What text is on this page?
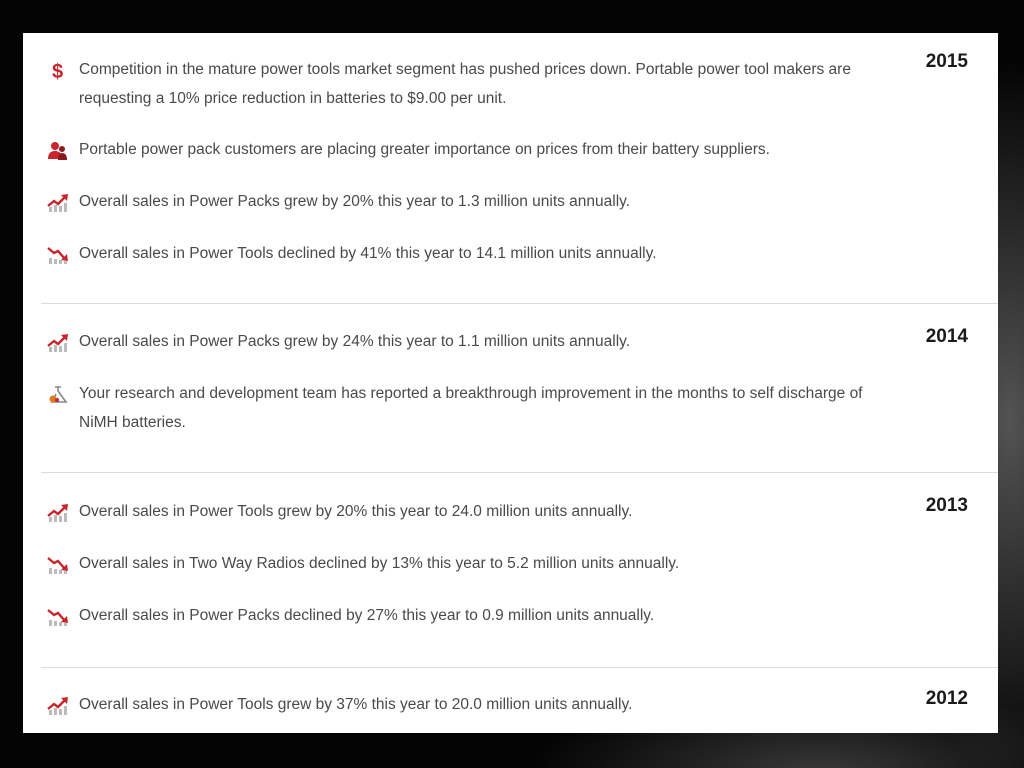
2015
$ Competition in the mature power tools market segment has pushed prices down. Portable power tool makers are requesting a 10% price reduction in batteries to $9.00 per unit.
Portable power pack customers are placing greater importance on prices from their battery suppliers.
Overall sales in Power Packs grew by 20% this year to 1.3 million units annually.
Overall sales in Power Tools declined by 41% this year to 14.1 million units annually.
2014
Overall sales in Power Packs grew by 24% this year to 1.1 million units annually.
Your research and development team has reported a breakthrough improvement in the months to self discharge of NiMH batteries.
2013
Overall sales in Power Tools grew by 20% this year to 24.0 million units annually.
Overall sales in Two Way Radios declined by 13% this year to 5.2 million units annually.
Overall sales in Power Packs declined by 27% this year to 0.9 million units annually.
2012
Overall sales in Power Tools grew by 37% this year to 20.0 million units annually.
